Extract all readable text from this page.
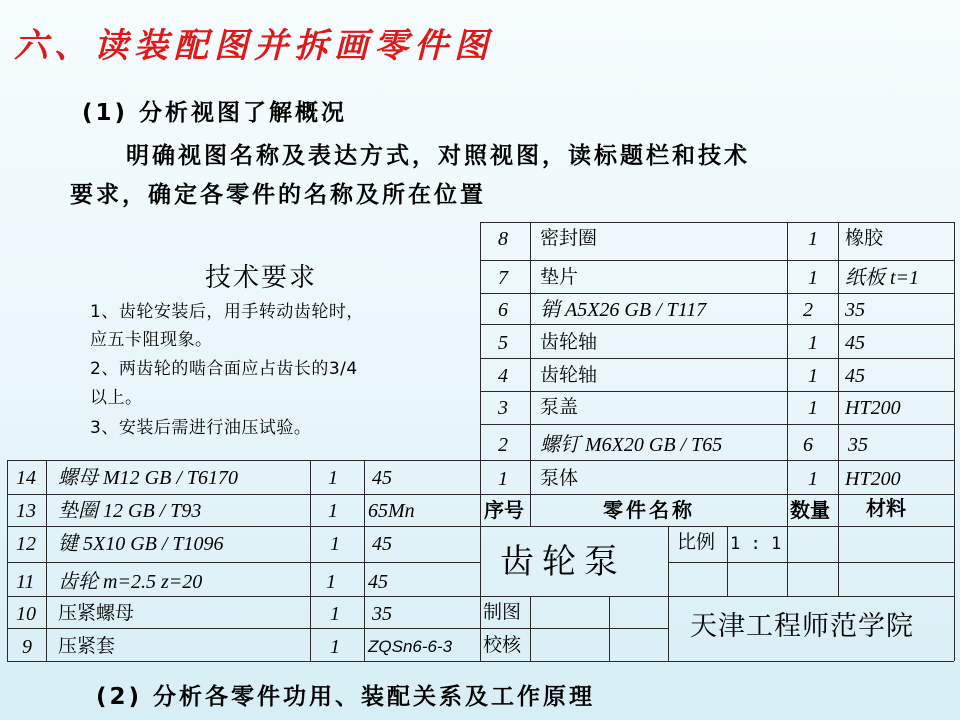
六、读装配图并拆画零件图
(1) 分析视图了解概况
明确视图名称及表达方式，对照视图，读标题栏和技术
要求，确定各零件的名称及所在位置
技术要求
1、齿轮安装后，用手转动齿轮时，
应五卡阻现象。
2、两齿轮的啮合面应占齿长的3/4
以上。
3、安装后需进行油压试验。
8 密封圈	1 橡胶
7 垫片	1 纸板 t=1
6 销 A5X26 GB / T117	2 35
5 齿轮轴	1 45
4 齿轮轴	1 45
3 泵盖	1 HT200
2 螺钉 M6X20 GB / T65	6 35
1 泵体	1 HT200
序号	零件名称	数量 材料
14 螺母 M12 GB / T6170	1 45
13 垫圈 12 GB / T93	1 65Mn
12 键 5X10 GB / T1096	1 45
11 齿轮 m=2.5 z=20	1 45
10 压紧螺母	1 35
9 压紧套	1 ZQSn6-6-3
齿轮泵	比例 1 : 1
制图
校核
天津工程师范学院
(2) 分析各零件功用、装配关系及工作原理
